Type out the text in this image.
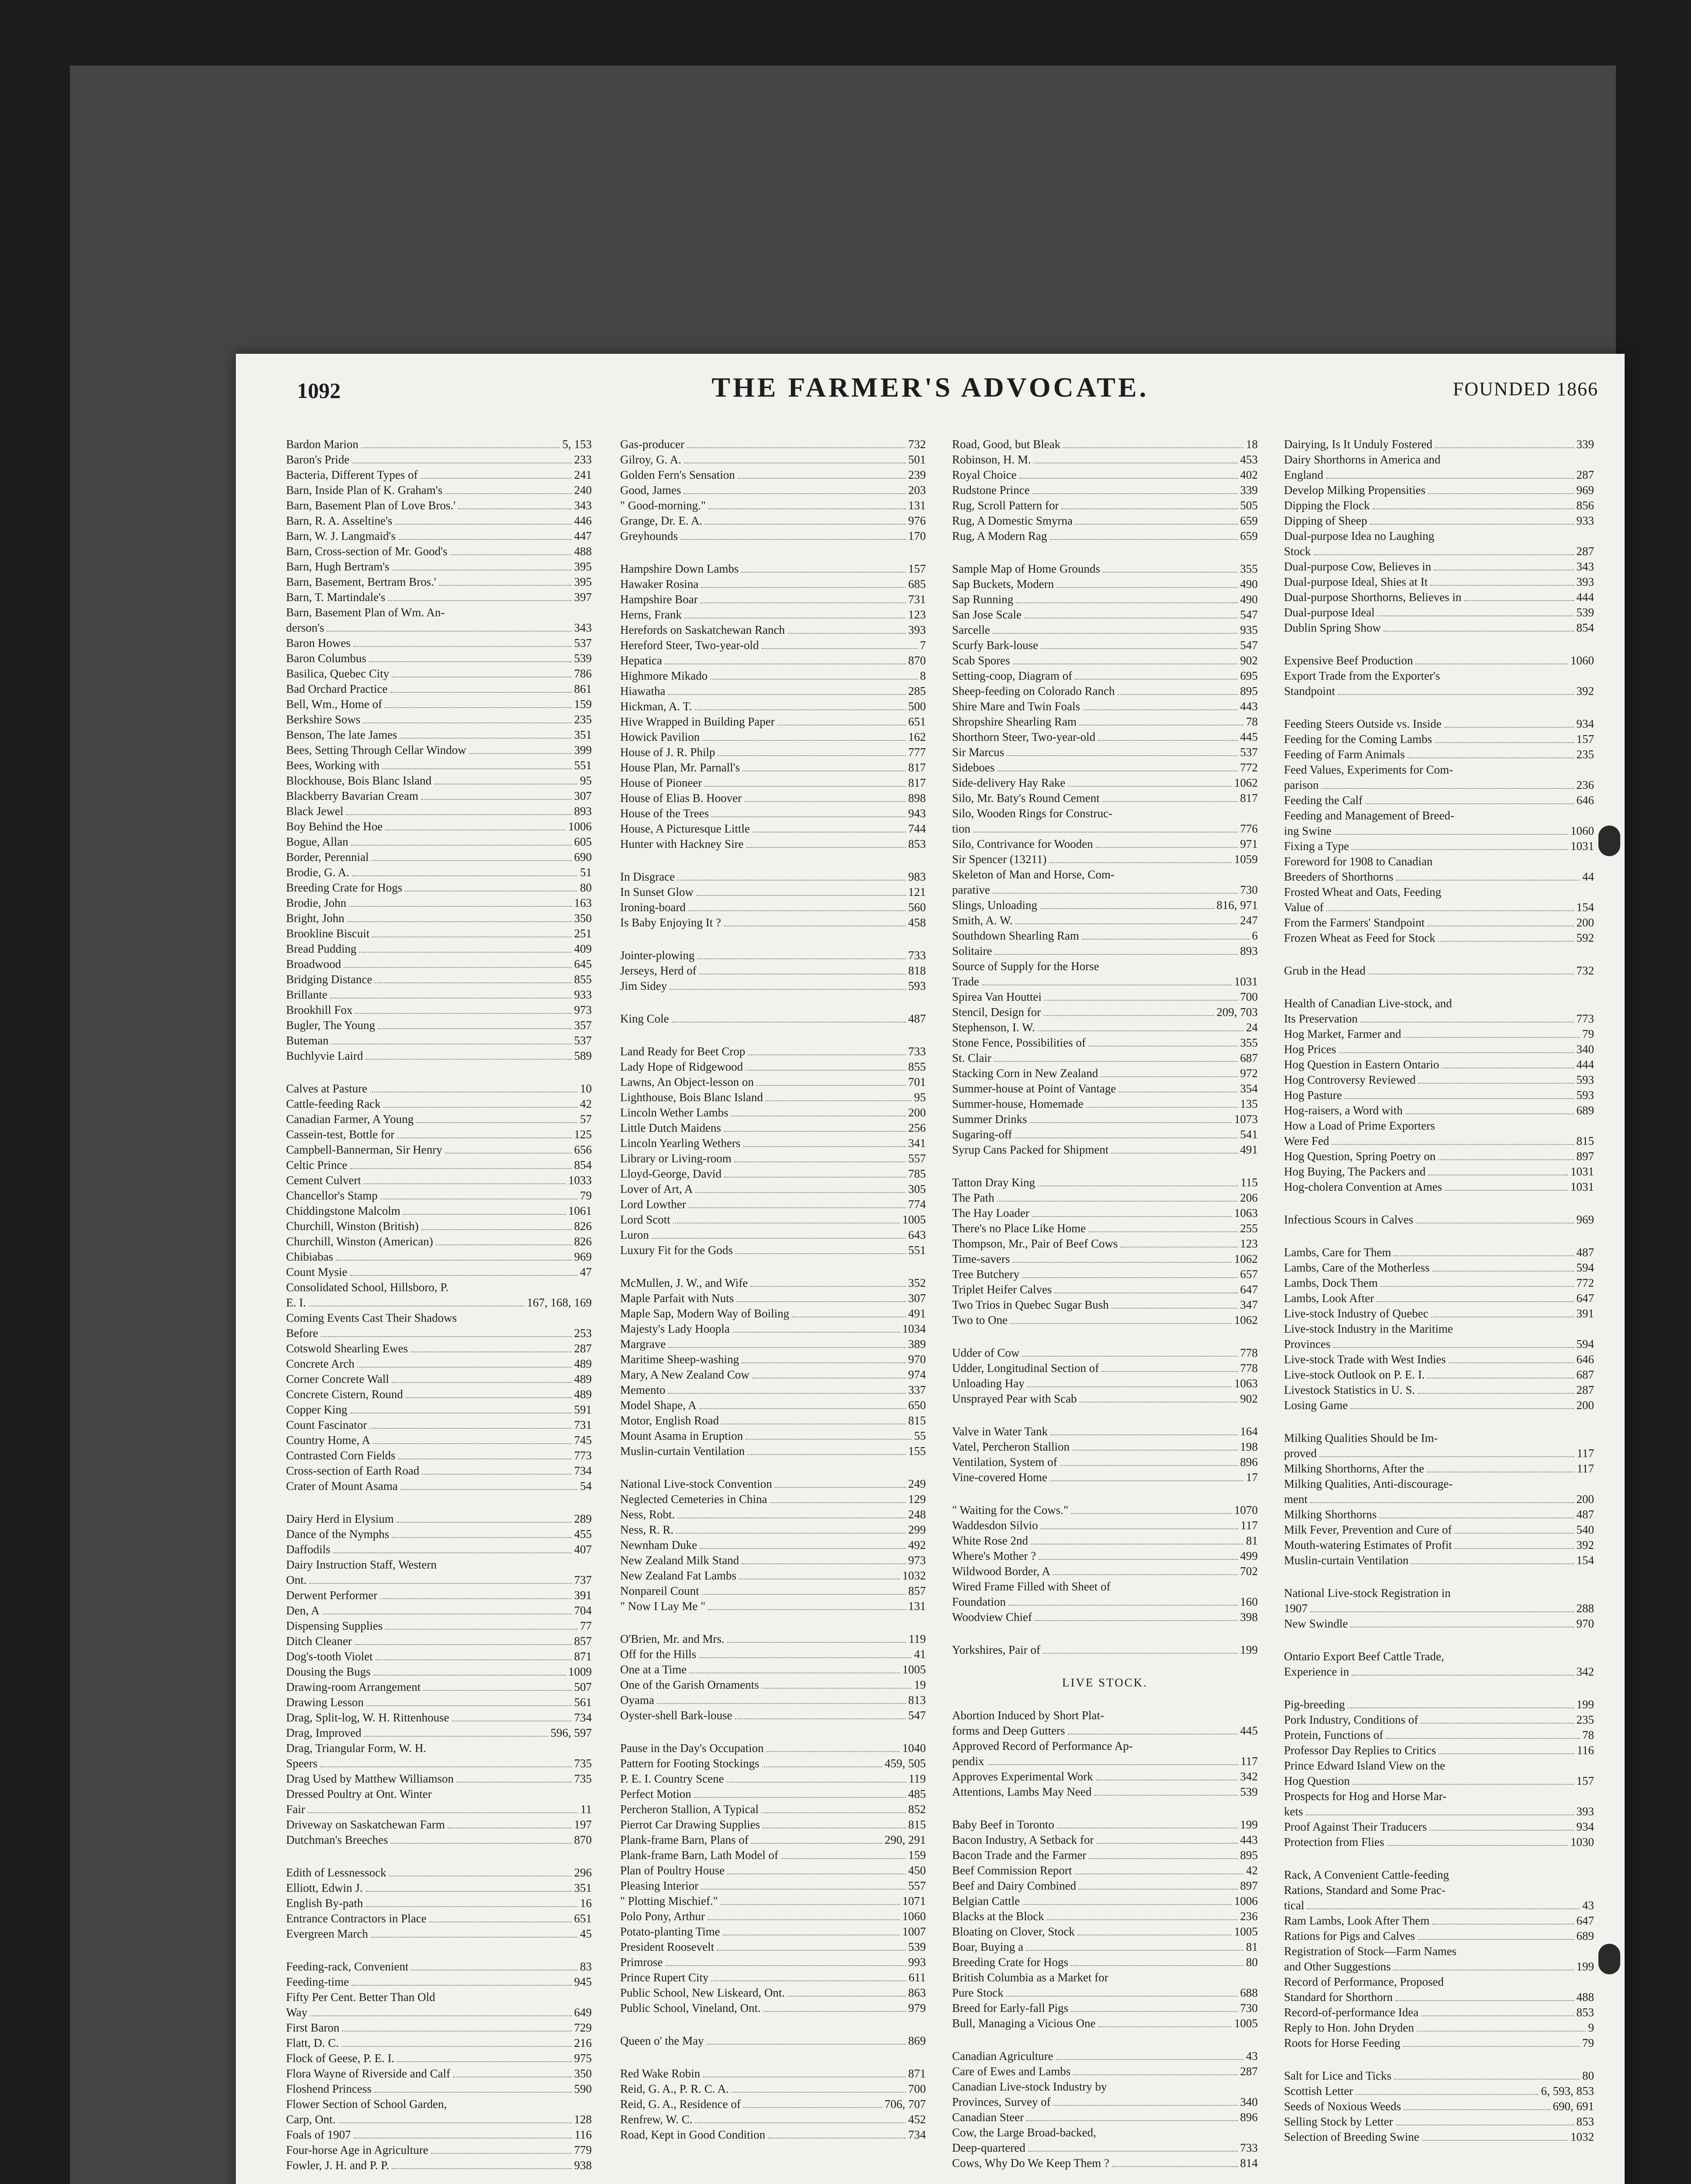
1092	THE FARMER'S ADVOCATE.	FOUNDED 1866
Bardon Marion	5, 153
Baron's Pride	233
Bacteria, Different Types of	241
Barn, Inside Plan of K. Graham's	240
Barn, Basement Plan of Love Bros.'	343
Barn, R. A. Asseltine's	446
Barn, W. J. Langmaid's	447
Barn, Cross-section of Mr. Good's	488
Barn, Hugh Bertram's	395
Barn, Basement, Bertram Bros.'	395
Barn, T. Martindale's	397
Barn, Basement Plan of Wm. An-
derson's	343
Baron Howes	537
Baron Columbus	539
Basilica, Quebec City	786
Bad Orchard Practice	861
Bell, Wm., Home of	159
Berkshire Sows	235
Benson, The late James	351
Bees, Setting Through Cellar Window	399
Bees, Working with	551
Blockhouse, Bois Blanc Island	95
Blackberry Bavarian Cream	307
Black Jewel	893
Boy Behind the Hoe	1006
Bogue, Allan	605
Border, Perennial	690
Brodie, G. A.	51
Breeding Crate for Hogs	80
Brodie, John	163
Bright, John	350
Brookline Biscuit	251
Bread Pudding	409
Broadwood	645
Bridging Distance	855
Brillante	933
Brookhill Fox	973
Bugler, The Young	357
Buteman	537
Buchlyvie Laird	589
Calves at Pasture	10
Cattle-feeding Rack	42
Canadian Farmer, A Young	57
Cassein-test, Bottle for	125
Campbell-Bannerman, Sir Henry	656
Celtic Prince	854
Cement Culvert	1033
Chancellor's Stamp	79
Chiddingstone Malcolm	1061
Churchill, Winston (British)	826
Churchill, Winston (American)	826
Chibiabas	969
Count Mysie	47
Consolidated School, Hillsboro, P.
E. I.	167, 168, 169
Coming Events Cast Their Shadows
Before	253
Cotswold Shearling Ewes	287
Concrete Arch	489
Corner Concrete Wall	489
Concrete Cistern, Round	489
Copper King	591
Count Fascinator	731
Country Home, A	745
Contrasted Corn Fields	773
Cross-section of Earth Road	734
Crater of Mount Asama	54
Dairy Herd in Elysium	289
Dance of the Nymphs	455
Daffodils	407
Dairy Instruction Staff, Western
Ont.	737
Derwent Performer	391
Den, A	704
Dispensing Supplies	77
Ditch Cleaner	857
Dog's-tooth Violet	871
Dousing the Bugs	1009
Drawing-room Arrangement	507
Drawing Lesson	561
Drag, Split-log, W. H. Rittenhouse	734
Drag, Improved	596, 597
Drag, Triangular Form, W. H.
Speers	735
Drag Used by Matthew Williamson	735
Dressed Poultry at Ont. Winter
Fair	11
Driveway on Saskatchewan Farm	197
Dutchman's Breeches	870
Edith of Lessnessock	296
Elliott, Edwin J.	351
English By-path	16
Entrance Contractors in Place	651
Evergreen March	45
Feeding-rack, Convenient	83
Feeding-time	945
Fifty Per Cent. Better Than Old
Way	649
First Baron	729
Flatt, D. C.	216
Flock of Geese, P. E. I.	975
Flora Wayne of Riverside and Calf	350
Floshend Princess	590
Flower Section of School Garden,
Carp, Ont.	128
Foals of 1907	116
Four-horse Age in Agriculture	779
Fowler, J. H. and P. P.	938
Gas-producer	732
Gilroy, G. A.	501
Golden Fern's Sensation	239
Good, James	203
" Good-morning."	131
Grange, Dr. E. A.	976
Greyhounds	170
Hampshire Down Lambs	157
Hawaker Rosina	685
Hampshire Boar	731
Herns, Frank	123
Herefords on Saskatchewan Ranch	393
Hereford Steer, Two-year-old	7
Hepatica	870
Highmore Mikado	8
Hiawatha	285
Hickman, A. T.	500
Hive Wrapped in Building Paper	651
Howick Pavilion	162
House of J. R. Philp	777
House Plan, Mr. Parnall's	817
House of Pioneer	817
House of Elias B. Hoover	898
House of the Trees	943
House, A Picturesque Little	744
Hunter with Hackney Sire	853
In Disgrace	983
In Sunset Glow	121
Ironing-board	560
Is Baby Enjoying It ?	458
Jointer-plowing	733
Jerseys, Herd of	818
Jim Sidey	593
King Cole	487
Land Ready for Beet Crop	733
Lady Hope of Ridgewood	855
Lawns, An Object-lesson on	701
Lighthouse, Bois Blanc Island	95
Lincoln Wether Lambs	200
Little Dutch Maidens	256
Lincoln Yearling Wethers	341
Library or Living-room	557
Lloyd-George, David	785
Lover of Art, A	305
Lord Lowther	774
Lord Scott	1005
Luron	643
Luxury Fit for the Gods	551
McMullen, J. W., and Wife	352
Maple Parfait with Nuts	307
Maple Sap, Modern Way of Boiling	491
Majesty's Lady Hoopla	1034
Margrave	389
Maritime Sheep-washing	970
Mary, A New Zealand Cow	974
Memento	337
Model Shape, A	650
Motor, English Road	815
Mount Asama in Eruption	55
Muslin-curtain Ventilation	155
National Live-stock Convention	249
Neglected Cemeteries in China	129
Ness, Robt.	248
Ness, R. R.	299
Newnham Duke	492
New Zealand Milk Stand	973
New Zealand Fat Lambs	1032
Nonpareil Count	857
" Now I Lay Me "	131
O'Brien, Mr. and Mrs.	119
Off for the Hills	41
One at a Time	1005
One of the Garish Ornaments	19
Oyama	813
Oyster-shell Bark-louse	547
Pause in the Day's Occupation	1040
Pattern for Footing Stockings	459, 505
P. E. I. Country Scene	119
Perfect Motion	485
Percheron Stallion, A Typical	852
Pierrot Car Drawing Supplies	815
Plank-frame Barn, Plans of	290, 291
Plank-frame Barn, Lath Model of	159
Plan of Poultry House	450
Pleasing Interior	557
" Plotting Mischief."	1071
Polo Pony, Arthur	1060
Potato-planting Time	1007
President Roosevelt	539
Primrose	993
Prince Rupert City	611
Public School, New Liskeard, Ont.	863
Public School, Vineland, Ont.	979
Queen o' the May	869
Red Wake Robin	871
Reid, G. A., P. R. C. A.	700
Reid, G. A., Residence of	706, 707
Renfrew, W. C.	452
Road, Kept in Good Condition	734
Road, Good, but Bleak	18
Robinson, H. M.	453
Royal Choice	402
Rudstone Prince	339
Rug, Scroll Pattern for	505
Rug, A Domestic Smyrna	659
Rug, A Modern Rag	659
Sample Map of Home Grounds	355
Sap Buckets, Modern	490
Sap Running	490
San Jose Scale	547
Sarcelle	935
Scurfy Bark-louse	547
Scab Spores	902
Setting-coop, Diagram of	695
Sheep-feeding on Colorado Ranch	895
Shire Mare and Twin Foals	443
Shropshire Shearling Ram	78
Shorthorn Steer, Two-year-old	445
Sir Marcus	537
Sideboes	772
Side-delivery Hay Rake	1062
Silo, Mr. Baty's Round Cement	817
Silo, Wooden Rings for Construc-
tion	776
Silo, Contrivance for Wooden	971
Sir Spencer (13211)	1059
Skeleton of Man and Horse, Com-
parative	730
Slings, Unloading	816, 971
Smith, A. W.	247
Southdown Shearling Ram	6
Solitaire	893
Source of Supply for the Horse
Trade	1031
Spirea Van Houttei	700
Stencil, Design for	209, 703
Stephenson, I. W.	24
Stone Fence, Possibilities of	355
St. Clair	687
Stacking Corn in New Zealand	972
Summer-house at Point of Vantage	354
Summer-house, Homemade	135
Summer Drinks	1073
Sugaring-off	541
Syrup Cans Packed for Shipment	491
Tatton Dray King	115
The Path	206
The Hay Loader	1063
There's no Place Like Home	255
Thompson, Mr., Pair of Beef Cows	123
Time-savers	1062
Tree Butchery	657
Triplet Heifer Calves	647
Two Trios in Quebec Sugar Bush	347
Two to One	1062
Udder of Cow	778
Udder, Longitudinal Section of	778
Unloading Hay	1063
Unsprayed Pear with Scab	902
Valve in Water Tank	164
Vatel, Percheron Stallion	198
Ventilation, System of	896
Vine-covered Home	17
" Waiting for the Cows."	1070
Waddesdon Silvio	117
White Rose 2nd	81
Where's Mother ?	499
Wildwood Border, A	702
Wired Frame Filled with Sheet of
Foundation	160
Woodview Chief	398
Yorkshires, Pair of	199
LIVE STOCK.
Abortion Induced by Short Plat-
forms and Deep Gutters	445
Approved Record of Performance Ap-
pendix	117
Approves Experimental Work	342
Attentions, Lambs May Need	539
Baby Beef in Toronto	199
Bacon Industry, A Setback for	443
Bacon Trade and the Farmer	895
Beef Commission Report	42
Beef and Dairy Combined	897
Belgian Cattle	1006
Blacks at the Block	236
Bloating on Clover, Stock	1005
Boar, Buying a	81
Breeding Crate for Hogs	80
British Columbia as a Market for
Pure Stock	688
Breed for Early-fall Pigs	730
Bull, Managing a Vicious One	1005
Canadian Agriculture	43
Care of Ewes and Lambs	287
Canadian Live-stock Industry by
Provinces, Survey of	340
Canadian Steer	896
Cow, the Large Broad-backed,
Deep-quartered	733
Cows, Why Do We Keep Them ?	814
Dairying, Is It Unduly Fostered	339
Dairy Shorthorns in America and
England	287
Develop Milking Propensities	969
Dipping the Flock	856
Dipping of Sheep	933
Dual-purpose Idea no Laughing
Stock	287
Dual-purpose Cow, Believes in	343
Dual-purpose Ideal, Shies at It	393
Dual-purpose Shorthorns, Believes in	444
Dual-purpose Ideal	539
Dublin Spring Show	854
Expensive Beef Production	1060
Export Trade from the Exporter's
Standpoint	392
Feeding Steers Outside vs. Inside	934
Feeding for the Coming Lambs	157
Feeding of Farm Animals	235
Feed Values, Experiments for Com-
parison	236
Feeding the Calf	646
Feeding and Management of Breed-
ing Swine	1060
Fixing a Type	1031
Foreword for 1908 to Canadian
Breeders of Shorthorns	44
Frosted Wheat and Oats, Feeding
Value of	154
From the Farmers' Standpoint	200
Frozen Wheat as Feed for Stock	592
Grub in the Head	732
Health of Canadian Live-stock, and
Its Preservation	773
Hog Market, Farmer and	79
Hog Prices	340
Hog Question in Eastern Ontario	444
Hog Controversy Reviewed	593
Hog Pasture	593
Hog-raisers, a Word with	689
How a Load of Prime Exporters
Were Fed	815
Hog Question, Spring Poetry on	897
Hog Buying, The Packers and	1031
Hog-cholera Convention at Ames	1031
Infectious Scours in Calves	969
Lambs, Care for Them	487
Lambs, Care of the Motherless	594
Lambs, Dock Them	772
Lambs, Look After	647
Live-stock Industry of Quebec	391
Live-stock Industry in the Maritime
Provinces	594
Live-stock Trade with West Indies	646
Live-stock Outlook on P. E. I.	687
Livestock Statistics in U. S.	287
Losing Game	200
Milking Qualities Should be Im-
proved	117
Milking Shorthorns, After the	117
Milking Qualities, Anti-discourage-
ment	200
Milking Shorthorns	487
Milk Fever, Prevention and Cure of	540
Mouth-watering Estimates of Profit	392
Muslin-curtain Ventilation	154
National Live-stock Registration in
1907	288
New Swindle	970
Ontario Export Beef Cattle Trade,
Experience in	342
Pig-breeding	199
Pork Industry, Conditions of	235
Protein, Functions of	78
Professor Day Replies to Critics	116
Prince Edward Island View on the
Hog Question	157
Prospects for Hog and Horse Mar-
kets	393
Proof Against Their Traducers	934
Protection from Flies	1030
Rack, A Convenient Cattle-feeding
Rations, Standard and Some Prac-
tical	43
Ram Lambs, Look After Them	647
Rations for Pigs and Calves	689
Registration of Stock—Farm Names
and Other Suggestions	199
Record of Performance, Proposed
Standard for Shorthorn	488
Record-of-performance Idea	853
Reply to Hon. John Dryden	9
Roots for Horse Feeding	79
Salt for Lice and Ticks	80
Scottish Letter	6, 593, 853
Seeds of Noxious Weeds	690, 691
Selling Stock by Letter	853
Selection of Breeding Swine	1032
